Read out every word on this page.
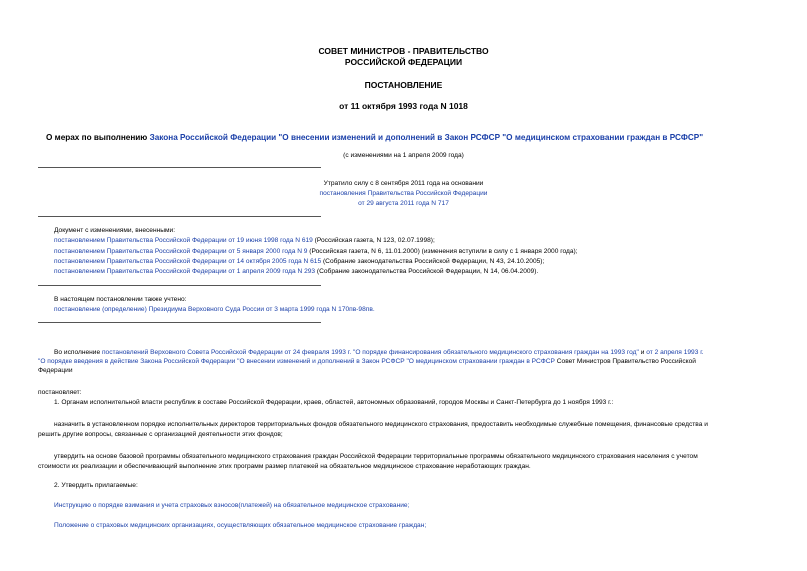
СОВЕТ МИНИСТРОВ - ПРАВИТЕЛЬСТВО
РОССИЙСКОЙ ФЕДЕРАЦИИ
ПОСТАНОВЛЕНИЕ
от 11 октября 1993 года N 1018
О мерах по выполнению Закона Российской Федерации "О внесении изменений и дополнений в Закон РСФСР "О медицинском страховании граждан в РСФСР"
(с изменениями на 1 апреля 2009 года)
Утратило силу с 8 сентября 2011 года на основании
постановления Правительства Российской Федерации
от 29 августа 2011 года N 717
Документ с изменениями, внесенными:
постановлением Правительства Российской Федерации от 19 июня 1998 года N 619 (Российская газета, N 123, 02.07.1998);
постановлением Правительства Российской Федерации от 5 января 2000 года N 9 (Российская газета, N 6, 11.01.2000) (изменения вступили в силу с 1 января 2000 года);
постановлением Правительства Российской Федерации от 14 октября 2005 года N 615 (Собрание законодательства Российской Федерации, N 43, 24.10.2005);
постановлением Правительства Российской Федерации от 1 апреля 2009 года N 293 (Собрание законодательства Российской Федерации, N 14, 06.04.2009).
В настоящем постановлении также учтено:
постановление (определение) Президиума Верховного Суда России от 3 марта 1999 года N 170пв-98пв.
Во исполнение постановлений Верховного Совета Российской Федерации от 24 февраля 1993 г. "О порядке финансирования обязательного медицинского страхования граждан на 1993 год" и от 2 апреля 1993 г.
"О порядке введения в действие Закона Российской Федерации "О внесении изменений и дополнений в Закон РСФСР "О медицинском страховании граждан в РСФСР Совет Министров Правительство Российской
Федерации
постановляет:
1. Органам исполнительной власти республик в составе Российской Федерации, краев, областей, автономных образований, городов Москвы и Санкт-Петербурга до 1 ноября 1993 г.:
назначить в установленном порядке исполнительных директоров территориальных фондов обязательного медицинского страхования, предоставить необходимые служебные помещения, финансовые средства и
решить другие вопросы, связанные с организацией деятельности этих фондов;
утвердить на основе базовой программы обязательного медицинского страхования граждан Российской Федерации территориальные программы обязательного медицинского страхования населения с учетом
стоимости их реализации и обеспечивающий выполнение этих программ размер платежей на обязательное медицинское страхование неработающих граждан.
2. Утвердить прилагаемые:
Инструкцию о порядке взимания и учета страховых взносов(платежей) на обязательное медицинское страхование;
Положение о страховых медицинских организациях, осуществляющих обязательное медицинское страхование граждан;
